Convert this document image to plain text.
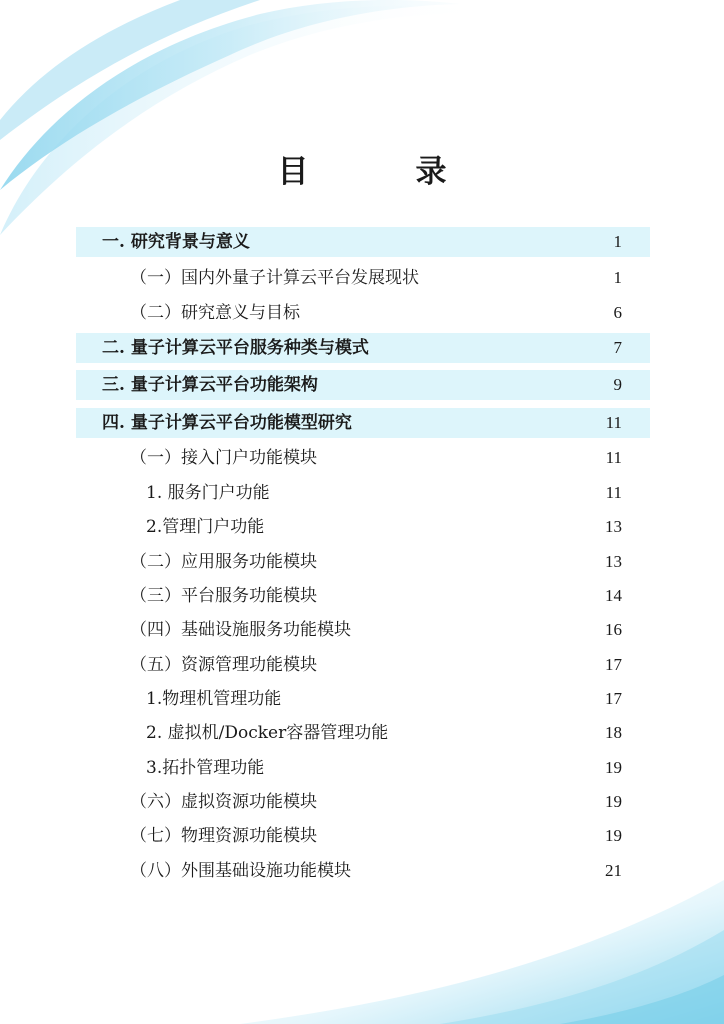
目　录
一. 研究背景与意义	1
（一）国内外量子计算云平台发展现状	1
（二）研究意义与目标	6
二. 量子计算云平台服务种类与模式	7
三. 量子计算云平台功能架构	9
四. 量子计算云平台功能模型研究	11
（一）接入门户功能模块	11
1. 服务门户功能	11
2.管理门户功能	13
（二）应用服务功能模块	13
（三）平台服务功能模块	14
（四）基础设施服务功能模块	16
（五）资源管理功能模块	17
1.物理机管理功能	17
2. 虚拟机/Docker容器管理功能	18
3.拓扑管理功能	19
（六）虚拟资源功能模块	19
（七）物理资源功能模块	19
（八）外围基础设施功能模块	21
